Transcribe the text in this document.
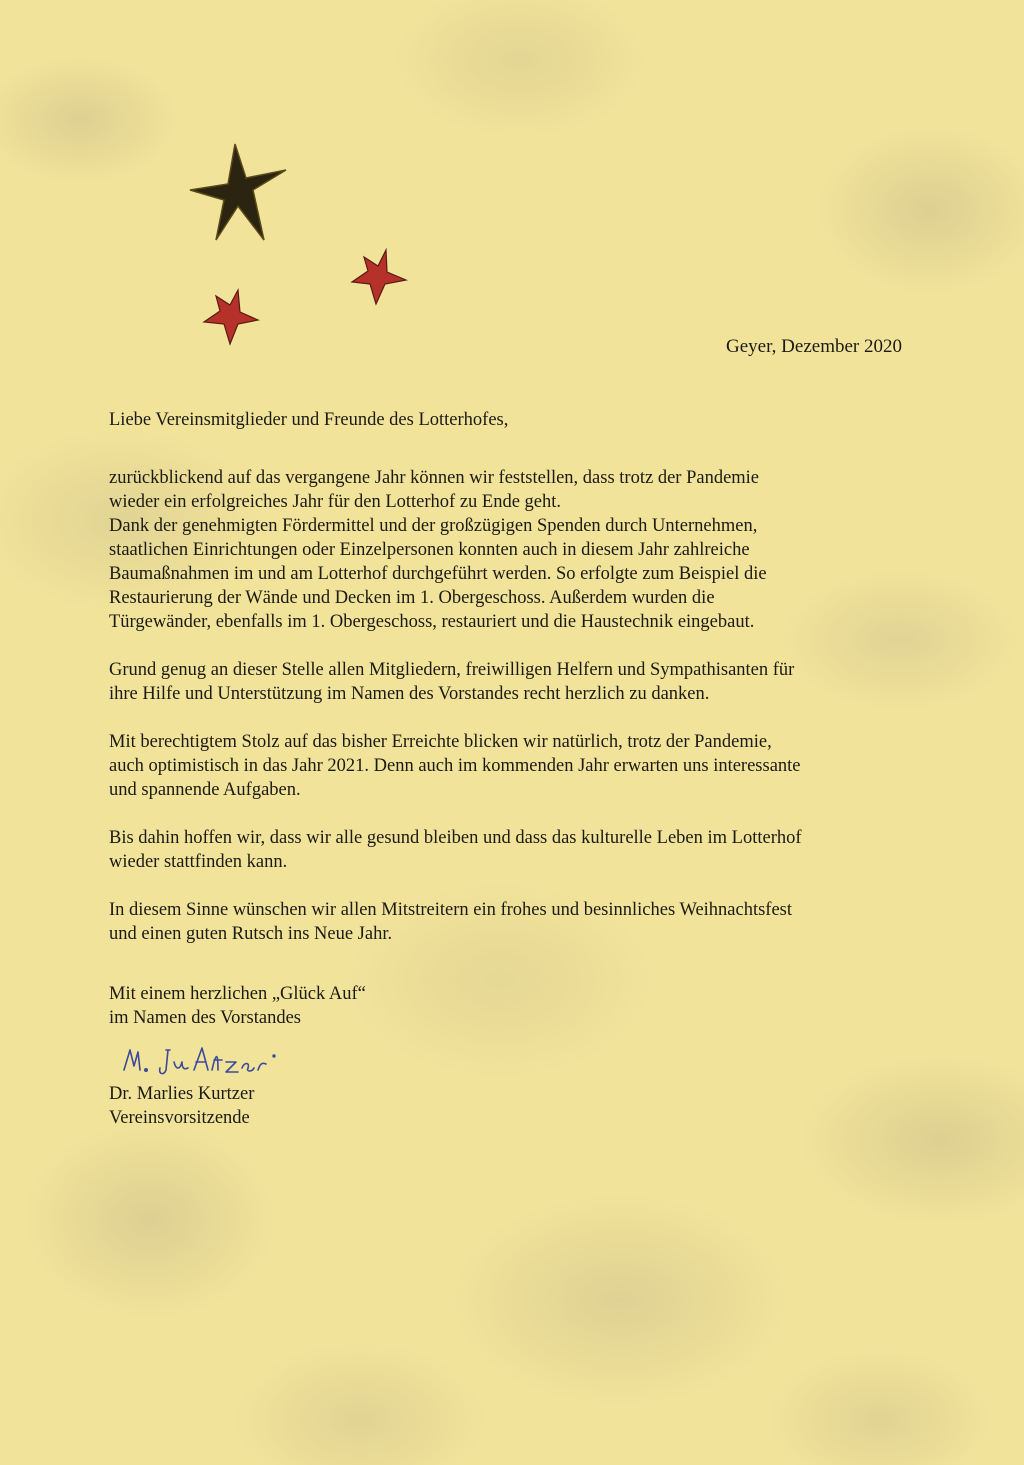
Geyer, Dezember 2020
Liebe Vereinsmitglieder und Freunde des Lotterhofes,
zurückblickend auf das vergangene Jahr können wir feststellen, dass trotz der Pandemie
wieder ein erfolgreiches Jahr für den Lotterhof zu Ende geht.
Dank der genehmigten Fördermittel und der großzügigen Spenden durch Unternehmen,
staatlichen Einrichtungen oder Einzelpersonen konnten auch in diesem Jahr zahlreiche
Baumaßnahmen im und am Lotterhof durchgeführt werden. So erfolgte zum Beispiel die
Restaurierung der Wände und Decken im 1. Obergeschoss. Außerdem wurden die
Türgewänder, ebenfalls im 1. Obergeschoss, restauriert und die Haustechnik eingebaut.
Grund genug an dieser Stelle allen Mitgliedern, freiwilligen Helfern und Sympathisanten für
ihre Hilfe und Unterstützung im Namen des Vorstandes recht herzlich zu danken.
Mit berechtigtem Stolz auf das bisher Erreichte blicken wir natürlich, trotz der Pandemie,
auch optimistisch in das Jahr 2021. Denn auch im kommenden Jahr erwarten uns interessante
und spannende Aufgaben.
Bis dahin hoffen wir, dass wir alle gesund bleiben und dass das kulturelle Leben im Lotterhof
wieder stattfinden kann.
In diesem Sinne wünschen wir allen Mitstreitern ein frohes und besinnliches Weihnachtsfest
und einen guten Rutsch ins Neue Jahr.
Mit einem herzlichen „Glück Auf“
im Namen des Vorstandes
Dr. Marlies Kurtzer
Vereinsvorsitzende
